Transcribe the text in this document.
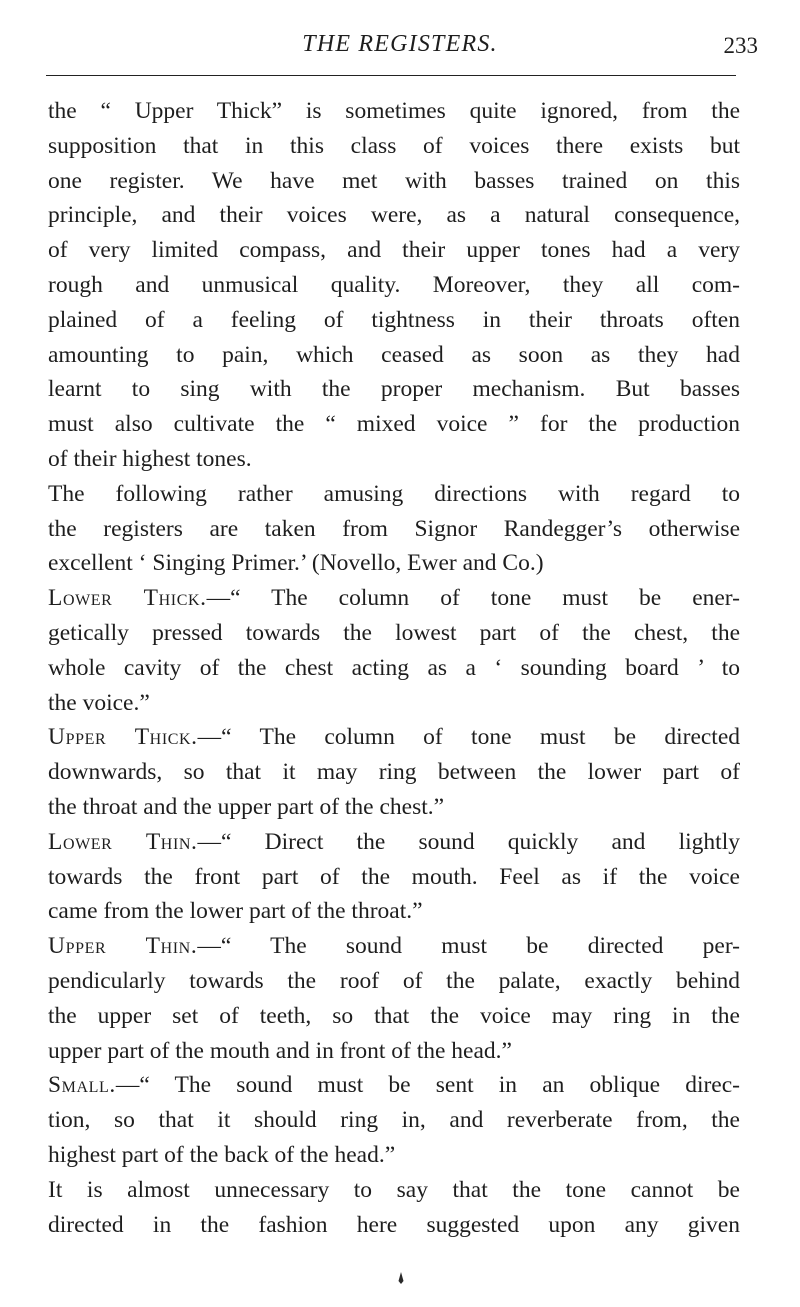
THE REGISTERS.	233
the “ Upper Thick” is sometimes quite ignored, from the
supposition that in this class of voices there exists but
one register. We have met with basses trained on this
principle, and their voices were, as a natural consequence,
of very limited compass, and their upper tones had a very
rough and unmusical quality. Moreover, they all com-
plained of a feeling of tightness in their throats often
amounting to pain, which ceased as soon as they had
learnt to sing with the proper mechanism. But basses
must also cultivate the “ mixed voice ” for the production
of their highest tones.
The following rather amusing directions with regard to
the registers are taken from Signor Randegger’s otherwise
excellent ‘ Singing Primer.’ (Novello, Ewer and Co.)
Lower Thick.—“ The column of tone must be ener-
getically pressed towards the lowest part of the chest, the
whole cavity of the chest acting as a ‘ sounding board ’ to
the voice.”
Upper Thick.—“ The column of tone must be directed
downwards, so that it may ring between the lower part of
the throat and the upper part of the chest.”
Lower Thin.—“ Direct the sound quickly and lightly
towards the front part of the mouth. Feel as if the voice
came from the lower part of the throat.”
Upper Thin.—“ The sound must be directed per-
pendicularly towards the roof of the palate, exactly behind
the upper set of teeth, so that the voice may ring in the
upper part of the mouth and in front of the head.”
Small.—“ The sound must be sent in an oblique direc-
tion, so that it should ring in, and reverberate from, the
highest part of the back of the head.”
It is almost unnecessary to say that the tone cannot be
directed in the fashion here suggested upon any given
